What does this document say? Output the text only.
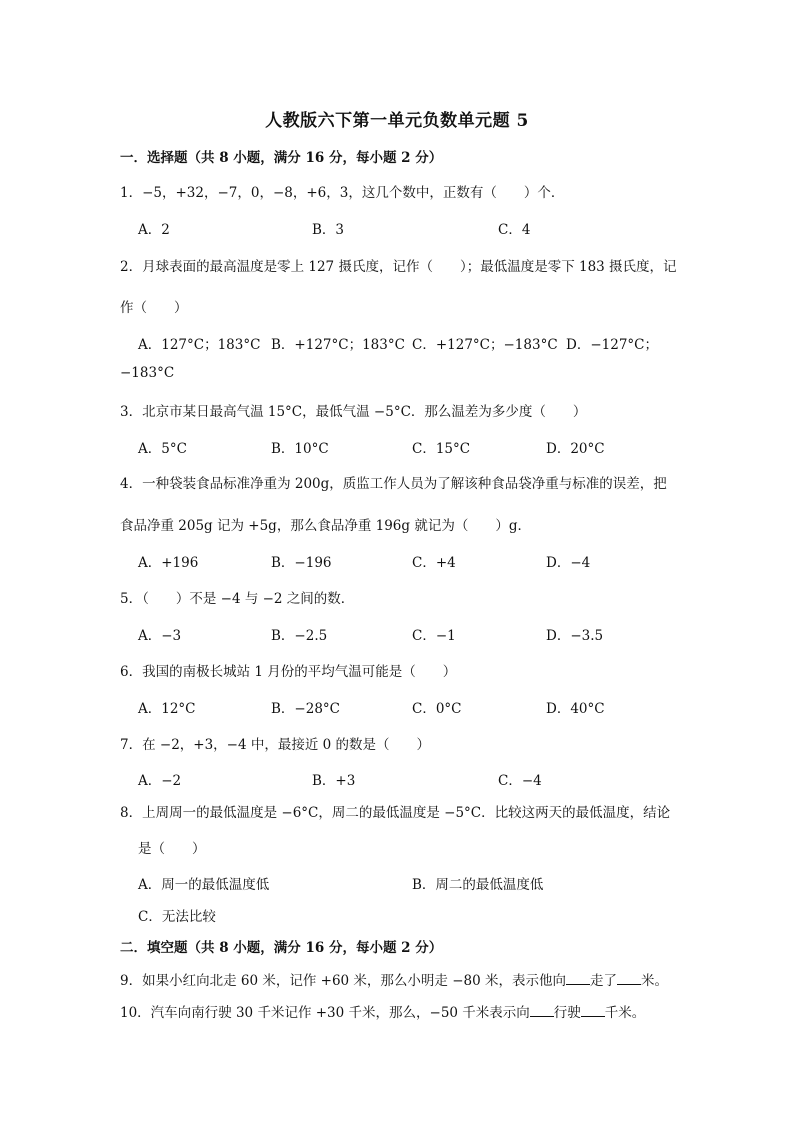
人教版六下第一单元负数单元题 5
一．选择题（共 8 小题，满分 16 分，每小题 2 分）
1．−5，+32，−7，0，−8，+6，3，这几个数中，正数有（　　）个．
A．2	B．3	C．4
2．月球表面的最高温度是零上 127 摄氏度，记作（　　）；最低温度是零下 183 摄氏度，记
作（　　）
A．127°C；183°C B．+127°C；183°C C．+127°C；−183°C D．−127°C；
−183°C
3．北京市某日最高气温 15°C，最低气温 −5°C．那么温差为多少度（　　）
A．5°C	B．10°C	C．15°C	D．20°C
4．一种袋装食品标准净重为 200g，质监工作人员为了解该种食品袋净重与标准的误差，把
食品净重 205g 记为 +5g，那么食品净重 196g 就记为（　　）g．
A．+196	B．−196	C．+4	D．−4
5．（　　）不是 −4 与 −2 之间的数．
A．−3	B．−2.5	C．−1	D．−3.5
6．我国的南极长城站 1 月份的平均气温可能是（　　）
A．12°C	B．−28°C	C．0°C	D．40°C
7．在 −2，+3，−4 中，最接近 0 的数是（　　）
A．−2	B．+3	C．−4
8．上周周一的最低温度是 −6°C，周二的最低温度是 −5°C．比较这两天的最低温度，结论
是（　　）
A．周一的最低温度低	B．周二的最低温度低
C．无法比较
二．填空题（共 8 小题，满分 16 分，每小题 2 分）
9．如果小红向北走 60 米，记作 +60 米，那么小明走 −80 米，表示他向 走了 米。
10．汽车向南行驶 30 千米记作 +30 千米，那么，−50 千米表示向 行驶 千米。
